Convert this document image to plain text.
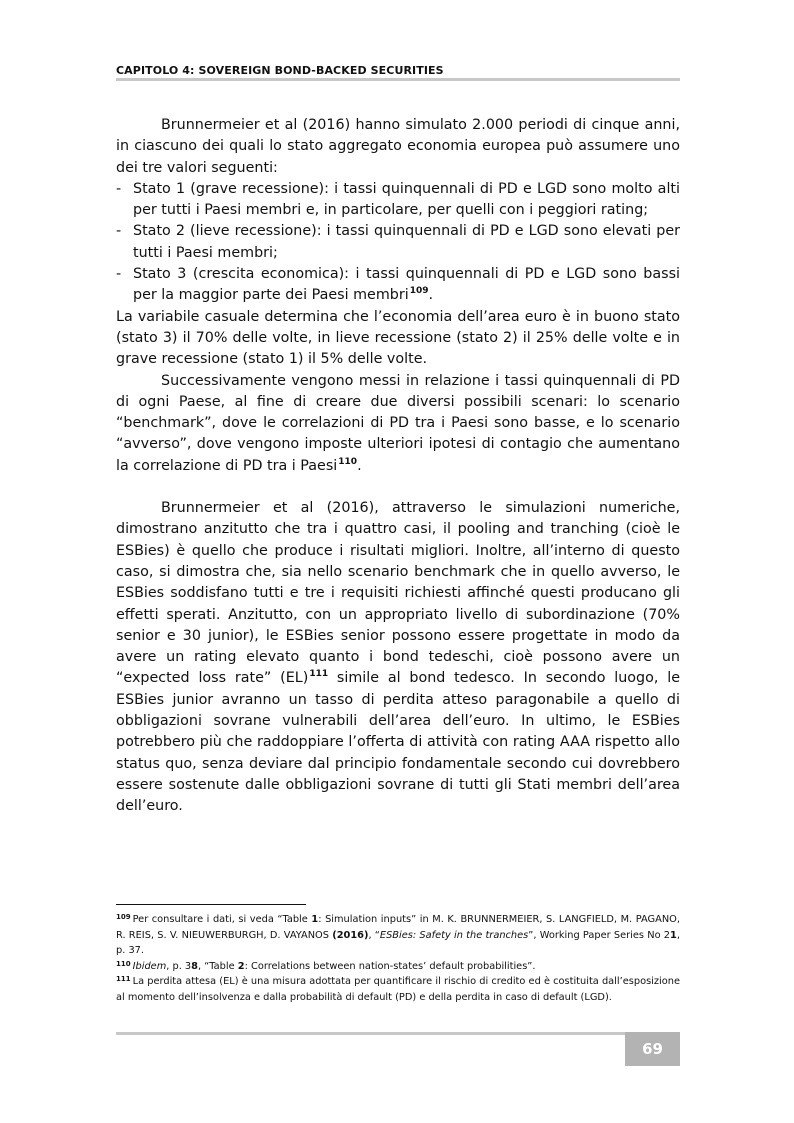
CAPITOLO 4: SOVEREIGN BOND-BACKED SECURITIES

Brunnermeier et al (2016) hanno simulato 2.000 periodi di cinque anni, in ciascuno dei quali lo stato aggregato economia europea può assumere uno dei tre valori seguenti:

- Stato 1 (grave recessione): i tassi quinquennali di PD e LGD sono molto alti per tutti i Paesi membri e, in particolare, per quelli con i peggiori rating;
- Stato 2 (lieve recessione): i tassi quinquennali di PD e LGD sono elevati per tutti i Paesi membri;
- Stato 3 (crescita economica): i tassi quinquennali di PD e LGD sono bassi per la maggior parte dei Paesi membri$^{109}$.

La variabile casuale determina che l’economia dell’area euro è in buono stato (stato 3) il 70% delle volte, in lieve recessione (stato 2) il 25% delle volte e in grave recessione (stato 1) il 5% delle volte.

Successivamente vengono messi in relazione i tassi quinquennali di PD di ogni Paese, al fine di creare due diversi possibili scenari: lo scenario “benchmark”, dove le correlazioni di PD tra i Paesi sono basse, e lo scenario “avverso”, dove vengono imposte ulteriori ipotesi di contagio che aumentano la correlazione di PD tra i Paesi$^{110}$.

Brunnermeier et al (2016), attraverso le simulazioni numeriche, dimostrano anzitutto che tra i quattro casi, il pooling and tranching (cioè le ESBies) è quello che produce i risultati migliori. Inoltre, all’interno di questo caso, si dimostra che, sia nello scenario benchmark che in quello avverso, le ESBies soddisfano tutti e tre i requisiti richiesti affinché questi producano gli effetti sperati. Anzitutto, con un appropriato livello di subordinazione (70% senior e 30 junior), le ESBies senior possono essere progettate in modo da avere un rating elevato quanto i bond tedeschi, cioè possono avere un “expected loss rate” (EL)$^{111}$ simile al bond tedesco. In secondo luogo, le ESBies junior avranno un tasso di perdita atteso paragonabile a quello di obbligazioni sovrane vulnerabili dell’area dell’euro. In ultimo, le ESBies potrebbero più che raddoppiare l’offerta di attività con rating AAA rispetto allo status quo, senza deviare dal principio fondamentale secondo cui dovrebbero essere sostenute dalle obbligazioni sovrane di tutti gli Stati membri dell’area dell’euro.

$^{109}$ Per consultare i dati, si veda “Table 1: Simulation inputs” in M. K. BRUNNERMEIER, S. LANGFIELD, M. PAGANO, R. REIS, S. V. NIEUWERBURGH, D. VAYANOS (2016), “ESBies: Safety in the tranches”, Working Paper Series No 21, p. 37.

$^{110}$ Ibidem, p. 38, “Table 2: Correlations between nation-states’ default probabilities”.

$^{111}$ La perdita attesa (EL) è una misura adottata per quantificare il rischio di credito ed è costituita dall’esposizione al momento dell’insolvenza e dalla probabilità di default (PD) e della perdita in caso di default (LGD).

69
